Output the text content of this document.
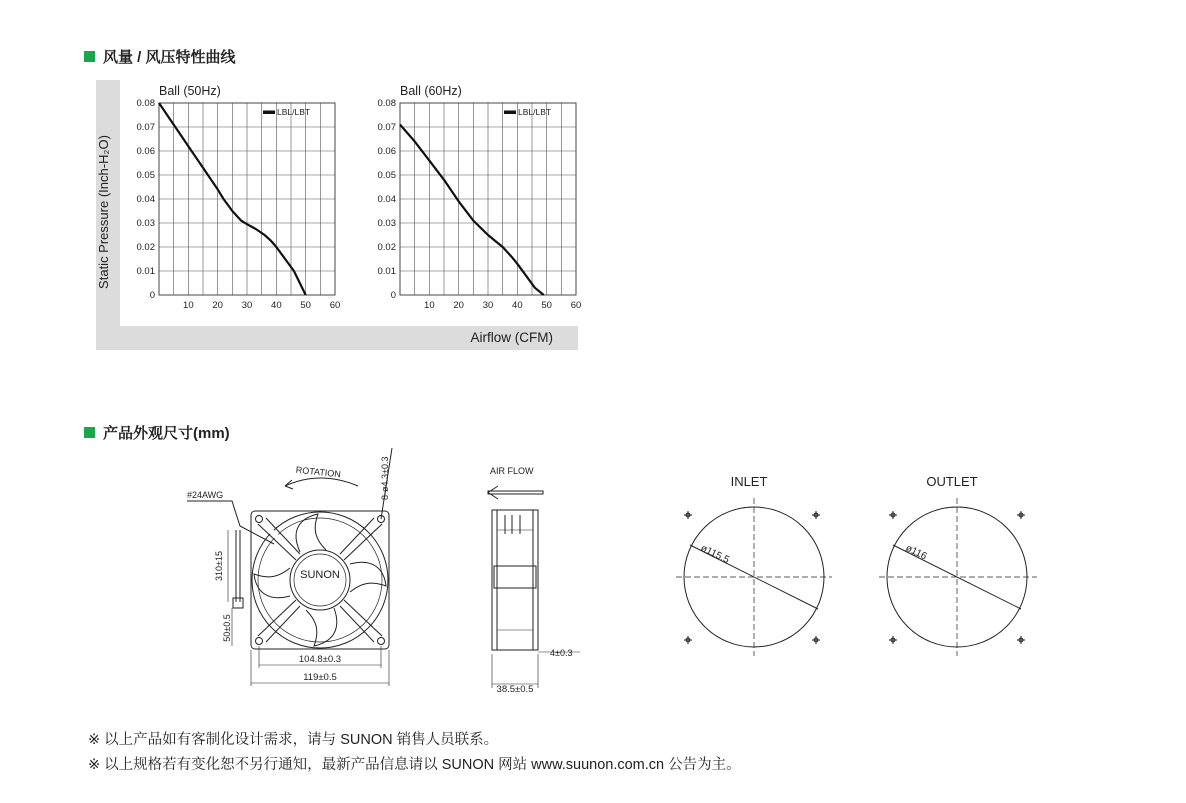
风量 / 风压特性曲线
Static Pressure (Inch-H₂O)
Airflow (CFM)
Ball (50Hz)
10 20 30 40 50 60
0
0.01
0.02
0.03
0.04
0.05
0.06
0.07
0.08
LBL/LBT
Ball (60Hz)
10 20 30 40 50 60
0
0.01
0.02
0.03
0.04
0.05
0.06
0.07
0.08
LBL/LBT
产品外观尺寸(mm)
SUNON
ROTATION	8-ø4.3±0.3
#24AWG
310±15
50±0.5
104.8±0.3
119±0.5
AIR FLOW
4±0.3
38.5±0.5
INLET
ø115.5
OUTLET
ø116
※ 以上产品如有客制化设计需求，请与 SUNON 销售人员联系。
※ 以上规格若有变化恕不另行通知，最新产品信息请以 SUNON 网站 www.suunon.com.cn 公告为主。
